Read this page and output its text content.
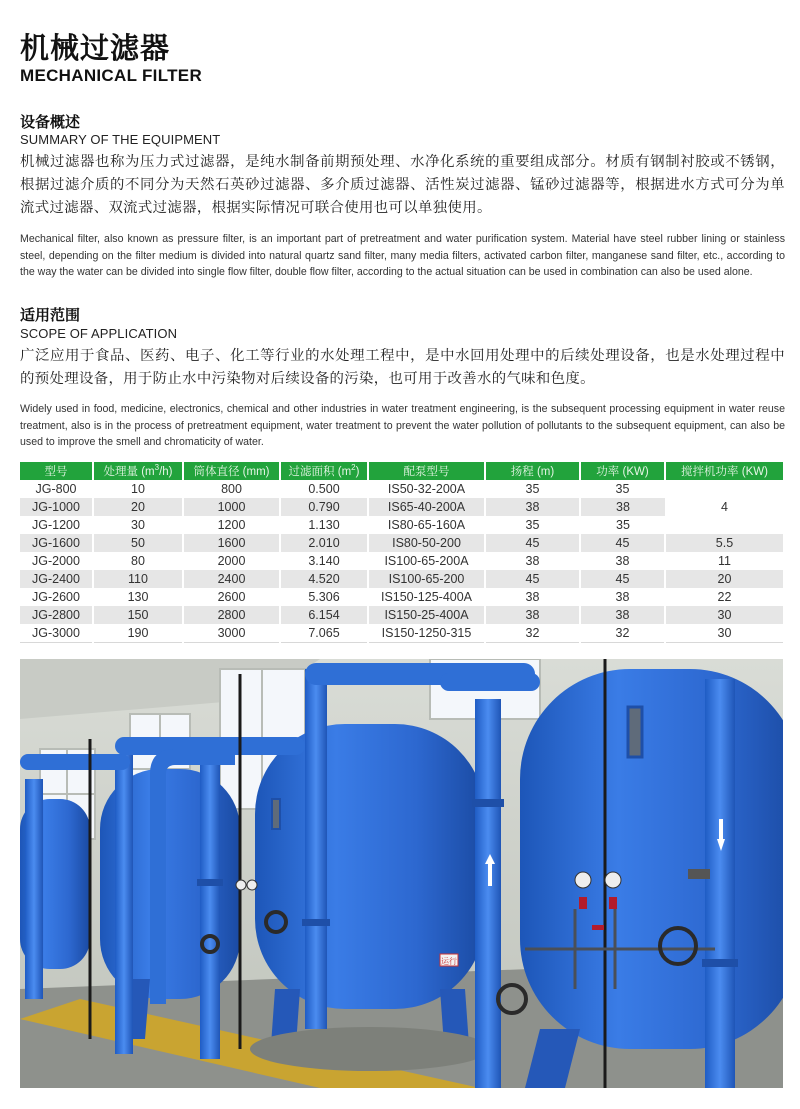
机械过滤器
MECHANICAL FILTER
设备概述
SUMMARY OF THE EQUIPMENT

机械过滤器也称为压力式过滤器，是纯水制备前期预处理、水净化系统的重要组成部分。材质有钢制衬胶或不锈钢，根据过滤介质的不同分为天然石英砂过滤器、多介质过滤器、活性炭过滤器、锰砂过滤器等，根据进水方式可分为单流式过滤器、双流式过滤器，根据实际情况可联合使用也可以单独使用。

Mechanical filter, also known as pressure filter, is an important part of pretreatment and water purification system. Material have steel rubber lining or stainless steel, depending on the filter medium is divided into natural quartz sand filter, many media filters, activated carbon filter, manganese sand filter, etc., according to the way the water can be divided into single flow filter, double flow filter, according to the actual situation can be used in combination can also be used alone.

适用范围
SCOPE OF APPLICATION

广泛应用于食品、医药、电子、化工等行业的水处理工程中，是中水回用处理中的后续处理设备，也是水处理过程中的预处理设备，用于防止水中污染物对后续设备的污染，也可用于改善水的气味和色度。

Widely used in food, medicine, electronics, chemical and other industries in water treatment engineering, is the subsequent processing equipment in water reuse treatment, also is in the process of pretreatment equipment, water treatment to prevent the water pollution of pollutants to the subsequent equipment, can also be used to improve the smell and chromaticity of water.

型号	处理量 $(m^3/h)$	筒体直径 (mm)	过滤面积 $(m^2)$	配泵型号	扬程 (m)	功率 (KW)	搅拌机功率 (KW)
JG-800	10	800	0.500	IS50-32-200A	35	35	4
JG-1000	20	1000	0.790	IS65-40-200A	38	38	
JG-1200	30	1200	1.130	IS80-65-160A	35	35	
JG-1600	50	1600	2.010	IS80-50-200	45	45	5.5
JG-2000	80	2000	3.140	IS100-65-200A	38	38	11
JG-2400	110	2400	4.520	IS100-65-200	45	45	20
JG-2600	130	2600	5.306	IS150-125-400A	38	38	22
JG-2800	150	2800	6.154	IS150-25-400A	38	38	30
JG-3000	190	3000	7.065	IS150-1250-315	32	32	30
运行
